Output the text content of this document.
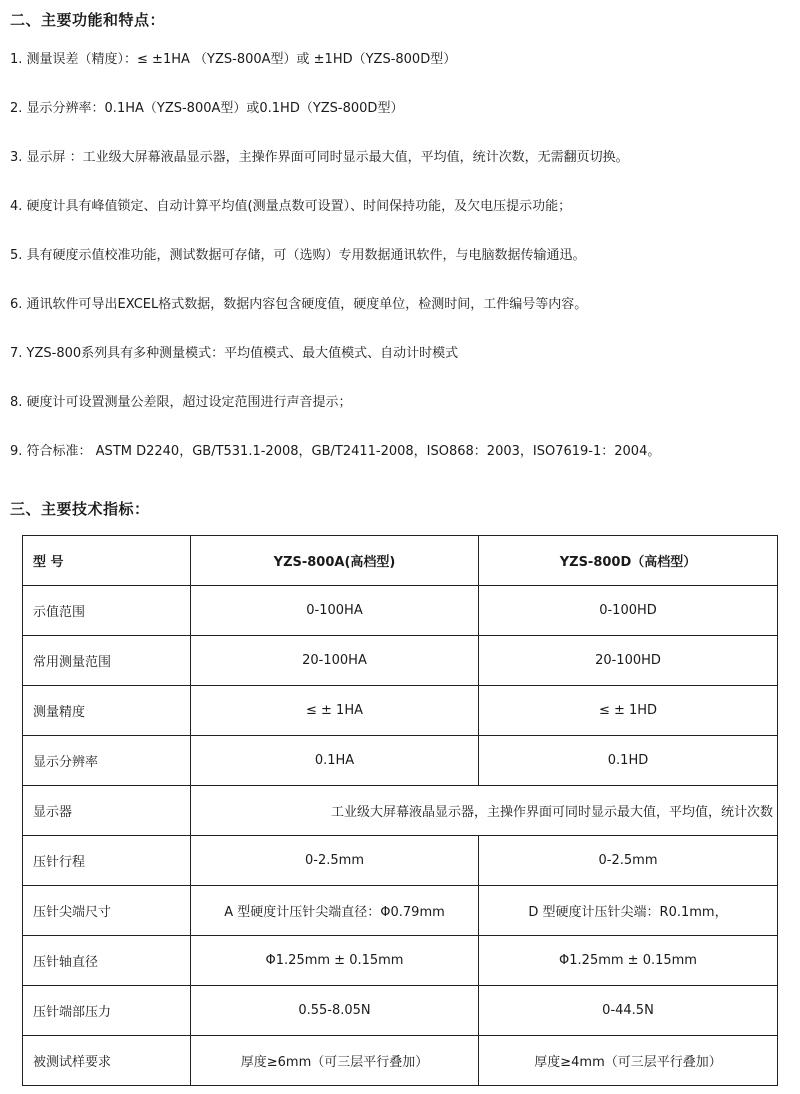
二、主要功能和特点：
1. 测量误差（精度）：≤ ±1HA （YZS-800A型）或 ±1HD（YZS-800D型）
2. 显示分辨率：0.1HA（YZS-800A型）或0.1HD（YZS-800D型）
3. 显示屏 ：工业级大屏幕液晶显示器，主操作界面可同时显示最大值，平均值，统计次数，无需翻页切换。
4. 硬度计具有峰值锁定、自动计算平均值(测量点数可设置）、时间保持功能，及欠电压提示功能；
5. 具有硬度示值校准功能，测试数据可存储，可（选购）专用数据通讯软件，与电脑数据传输通迅。
6. 通讯软件可导出EXCEL格式数据，数据内容包含硬度值，硬度单位，检测时间，工件编号等内容。
7. YZS-800系列具有多种测量模式：平均值模式、最大值模式、自动计时模式
8. 硬度计可设置测量公差限，超过设定范围进行声音提示；
9. 符合标准： ASTM D2240，GB/T531.1-2008，GB/T2411-2008，ISO868：2003，ISO7619-1：2004。
三、主要技术指标：
型 号	YZS-800A(高档型)	YZS-800D（高档型）
示值范围	0-100HA	0-100HD
常用测量范围	20-100HA	20-100HD
测量精度	≤ ± 1HA	≤ ± 1HD
显示分辨率	0.1HA	0.1HD
显示器	工业级大屏幕液晶显示器，主操作界面可同时显示最大值，平均值，统计次数	
压针行程	0-2.5mm	0-2.5mm
压针尖端尺寸	A 型硬度计压针尖端直径：Φ0.79mm	D 型硬度计压针尖端：R0.1mm，
压针轴直径	Φ1.25mm ± 0.15mm	Φ1.25mm ± 0.15mm
压针端部压力	0.55-8.05N	0-44.5N
被测试样要求	厚度≥6mm（可三层平行叠加）	厚度≥4mm（可三层平行叠加）
